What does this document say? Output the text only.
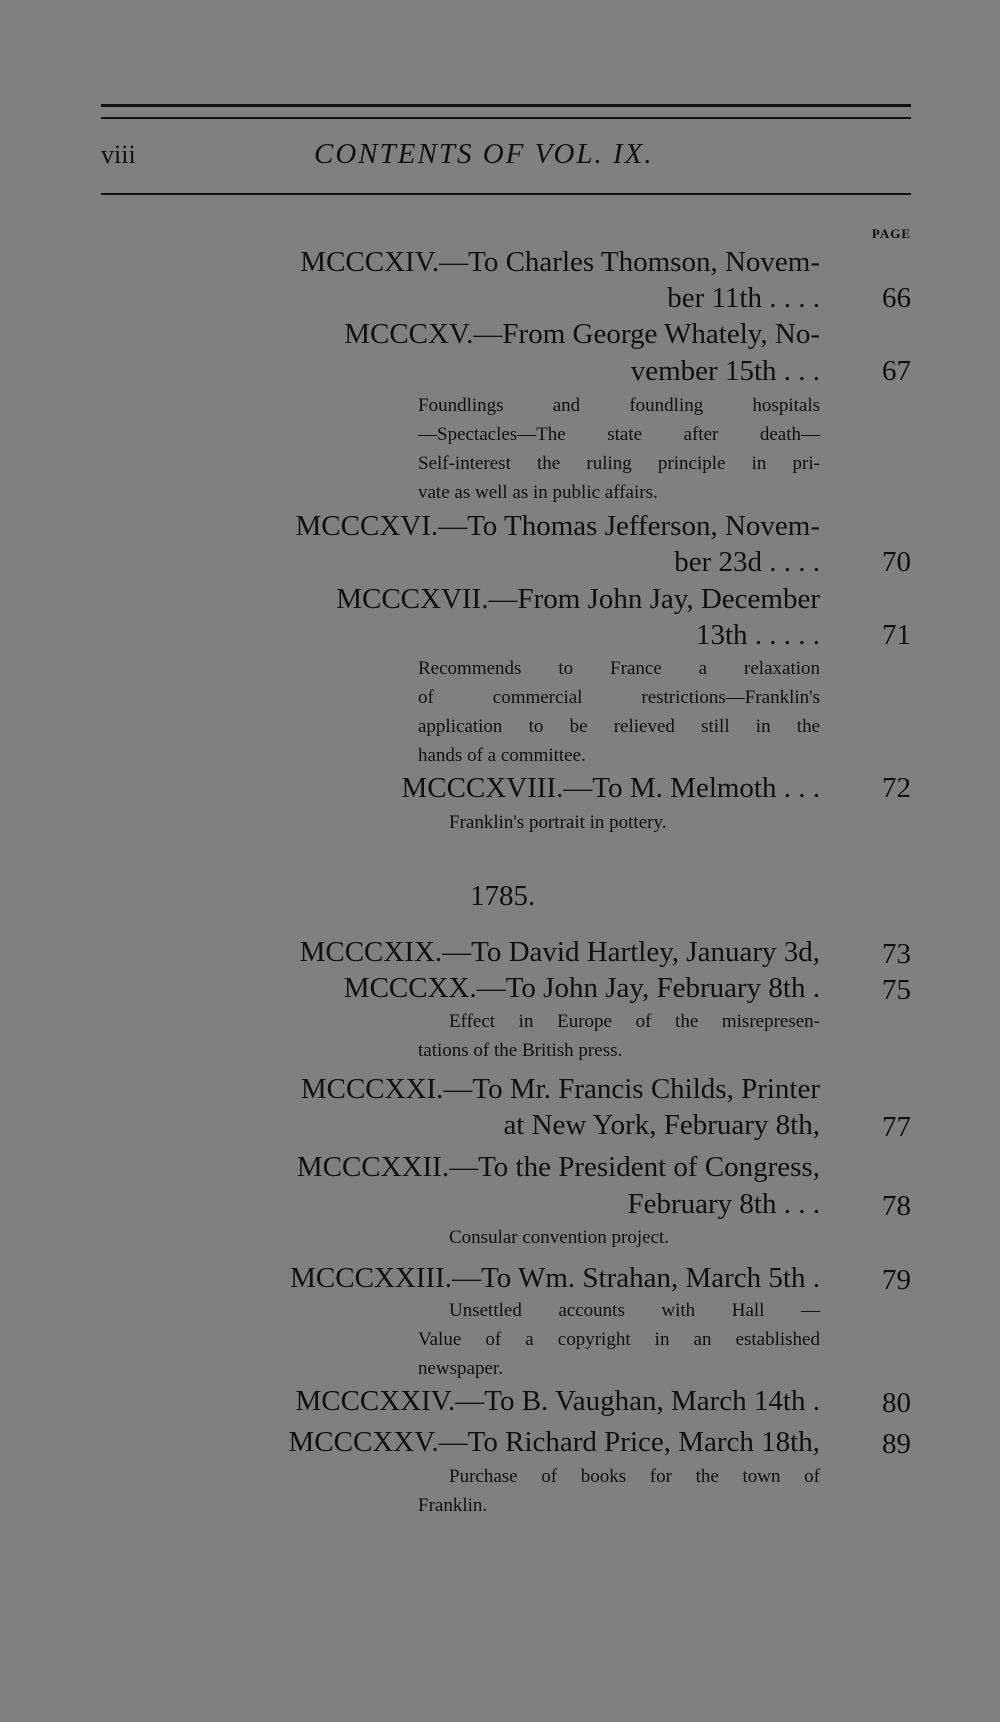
viii	CONTENTS OF VOL. IX.
PAGE
MCCCXIV.—To Charles Thomson, Novem-
ber 11th . . . . 66
MCCCXV.—From George Whately, No-
vember 15th . . . 67
Foundlings and foundling hospitals
—Spectacles—The state after death—
Self-interest the ruling principle in pri-
vate as well as in public affairs.
MCCCXVI.—To Thomas Jefferson, Novem-
ber 23d . . . . 70
MCCCXVII.—From John Jay, December
13th . . . . . 71
Recommends to France a relaxation
of commercial restrictions—Franklin's
application to be relieved still in the
hands of a committee.
MCCCXVIII.—To M. Melmoth . . . 72
Franklin's portrait in pottery.
1785.
MCCCXIX.—To David Hartley, January 3d, 73
MCCCXX.—To John Jay, February 8th . 75
Effect in Europe of the misrepresen-
tations of the British press.
MCCCXXI.—To Mr. Francis Childs, Printer
at New York, February 8th, 77
MCCCXXII.—To the President of Congress,
February 8th . . . 78
Consular convention project.
MCCCXXIII.—To Wm. Strahan, March 5th . 79
Unsettled accounts with Hall —
Value of a copyright in an established
newspaper.
MCCCXXIV.—To B. Vaughan, March 14th . 80
MCCCXXV.—To Richard Price, March 18th, 89
Purchase of books for the town of
Franklin.
